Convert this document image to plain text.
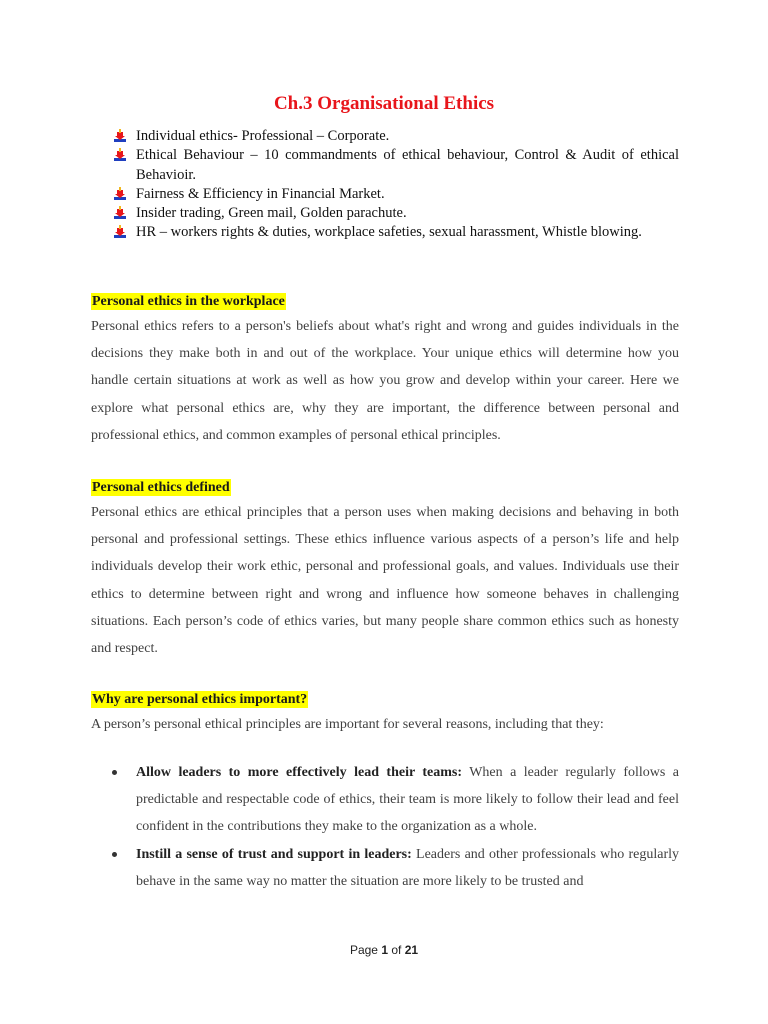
Ch.3 Organisational Ethics
Individual ethics- Professional – Corporate.
Ethical Behaviour – 10 commandments of ethical behaviour, Control & Audit of ethical Behavioir.
Fairness & Efficiency in Financial Market.
Insider trading, Green mail, Golden parachute.
HR – workers rights & duties, workplace safeties, sexual harassment, Whistle blowing.
Personal ethics in the workplace

Personal ethics refers to a person's beliefs about what's right and wrong and guides individuals in the decisions they make both in and out of the workplace. Your unique ethics will determine how you handle certain situations at work as well as how you grow and develop within your career. Here we explore what personal ethics are, why they are important, the difference between personal and professional ethics, and common examples of personal ethical principles.

Personal ethics defined

Personal ethics are ethical principles that a person uses when making decisions and behaving in both personal and professional settings. These ethics influence various aspects of a person’s life and help individuals develop their work ethic, personal and professional goals, and values. Individuals use their ethics to determine between right and wrong and influence how someone behaves in challenging situations. Each person’s code of ethics varies, but many people share common ethics such as honesty and respect.

Why are personal ethics important?

A person’s personal ethical principles are important for several reasons, including that they:

Allow leaders to more effectively lead their teams: When a leader regularly follows a predictable and respectable code of ethics, their team is more likely to follow their lead and feel confident in the contributions they make to the organization as a whole.
Instill a sense of trust and support in leaders: Leaders and other professionals who regularly behave in the same way no matter the situation are more likely to be trusted and
Page 1 of 21
